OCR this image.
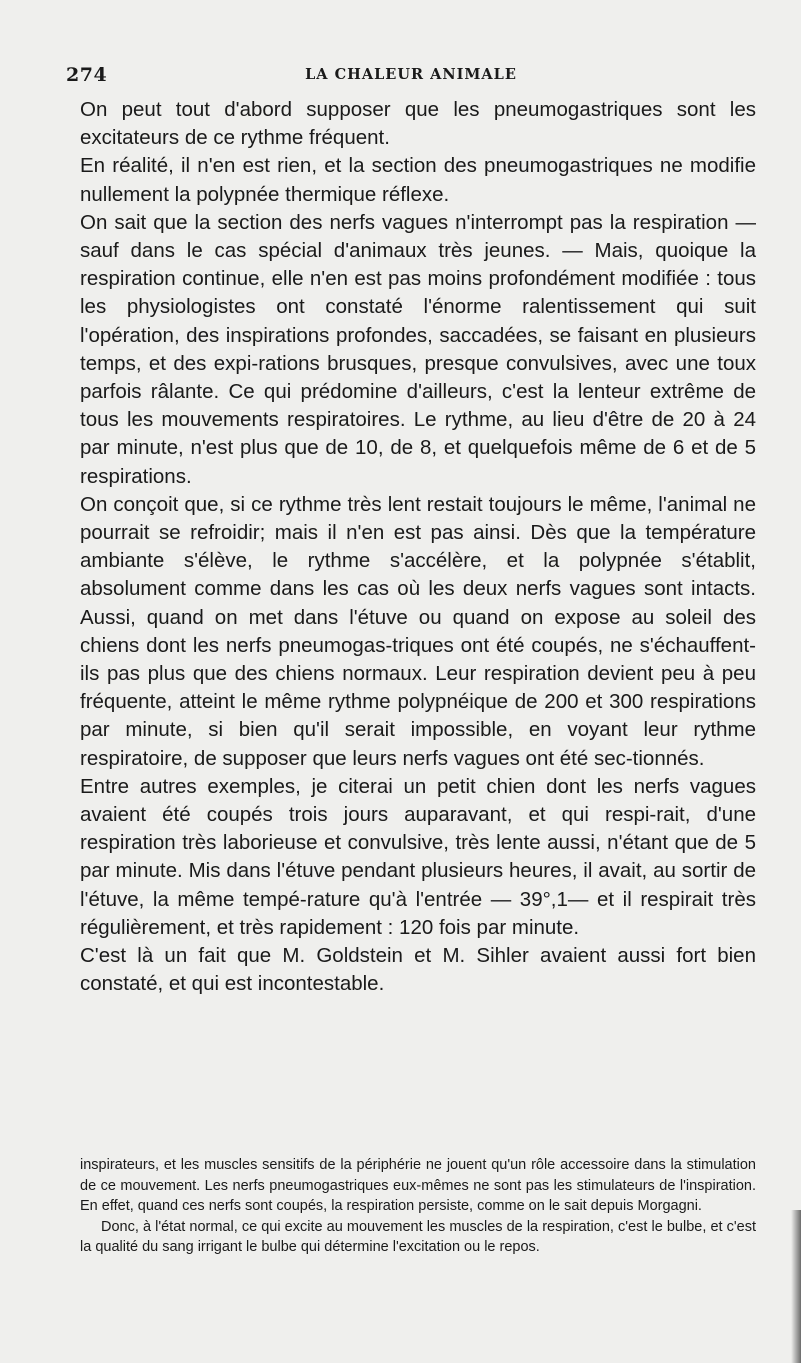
274	LA CHALEUR ANIMALE

On peut tout d'abord supposer que les pneumogastriques sont les excitateurs de ce rythme fréquent.

En réalité, il n'en est rien, et la section des pneumogastriques ne modifie nullement la polypnée thermique réflexe.

On sait que la section des nerfs vagues n'interrompt pas la respiration — sauf dans le cas spécial d'animaux très jeunes. — Mais, quoique la respiration continue, elle n'en est pas moins profondément modifiée : tous les physiologistes ont constaté l'énorme ralentissement qui suit l'opération, des inspirations profondes, saccadées, se faisant en plusieurs temps, et des expi-rations brusques, presque convulsives, avec une toux parfois râlante. Ce qui prédomine d'ailleurs, c'est la lenteur extrême de tous les mouvements respiratoires. Le rythme, au lieu d'être de 20 à 24 par minute, n'est plus que de 10, de 8, et quelquefois même de 6 et de 5 respirations.

On conçoit que, si ce rythme très lent restait toujours le même, l'animal ne pourrait se refroidir; mais il n'en est pas ainsi. Dès que la température ambiante s'élève, le rythme s'accélère, et la polypnée s'établit, absolument comme dans les cas où les deux nerfs vagues sont intacts. Aussi, quand on met dans l'étuve ou quand on expose au soleil des chiens dont les nerfs pneumogas-triques ont été coupés, ne s'échauffent-ils pas plus que des chiens normaux. Leur respiration devient peu à peu fréquente, atteint le même rythme polypnéique de 200 et 300 respirations par minute, si bien qu'il serait impossible, en voyant leur rythme respiratoire, de supposer que leurs nerfs vagues ont été sec-tionnés.

Entre autres exemples, je citerai un petit chien dont les nerfs vagues avaient été coupés trois jours auparavant, et qui respi-rait, d'une respiration très laborieuse et convulsive, très lente aussi, n'étant que de 5 par minute. Mis dans l'étuve pendant plusieurs heures, il avait, au sortir de l'étuve, la même tempé-rature qu'à l'entrée — 39°,1— et il respirait très régulièrement, et très rapidement : 120 fois par minute.

C'est là un fait que M. Goldstein et M. Sihler avaient aussi fort bien constaté, et qui est incontestable.

inspirateurs, et les muscles sensitifs de la périphérie ne jouent qu'un rôle accessoire dans la stimulation de ce mouvement. Les nerfs pneumogastriques eux-mêmes ne sont pas les stimulateurs de l'inspiration. En effet, quand ces nerfs sont coupés, la respiration persiste, comme on le sait depuis Morgagni.

Donc, à l'état normal, ce qui excite au mouvement les muscles de la respiration, c'est le bulbe, et c'est la qualité du sang irrigant le bulbe qui détermine l'excitation ou le repos.
